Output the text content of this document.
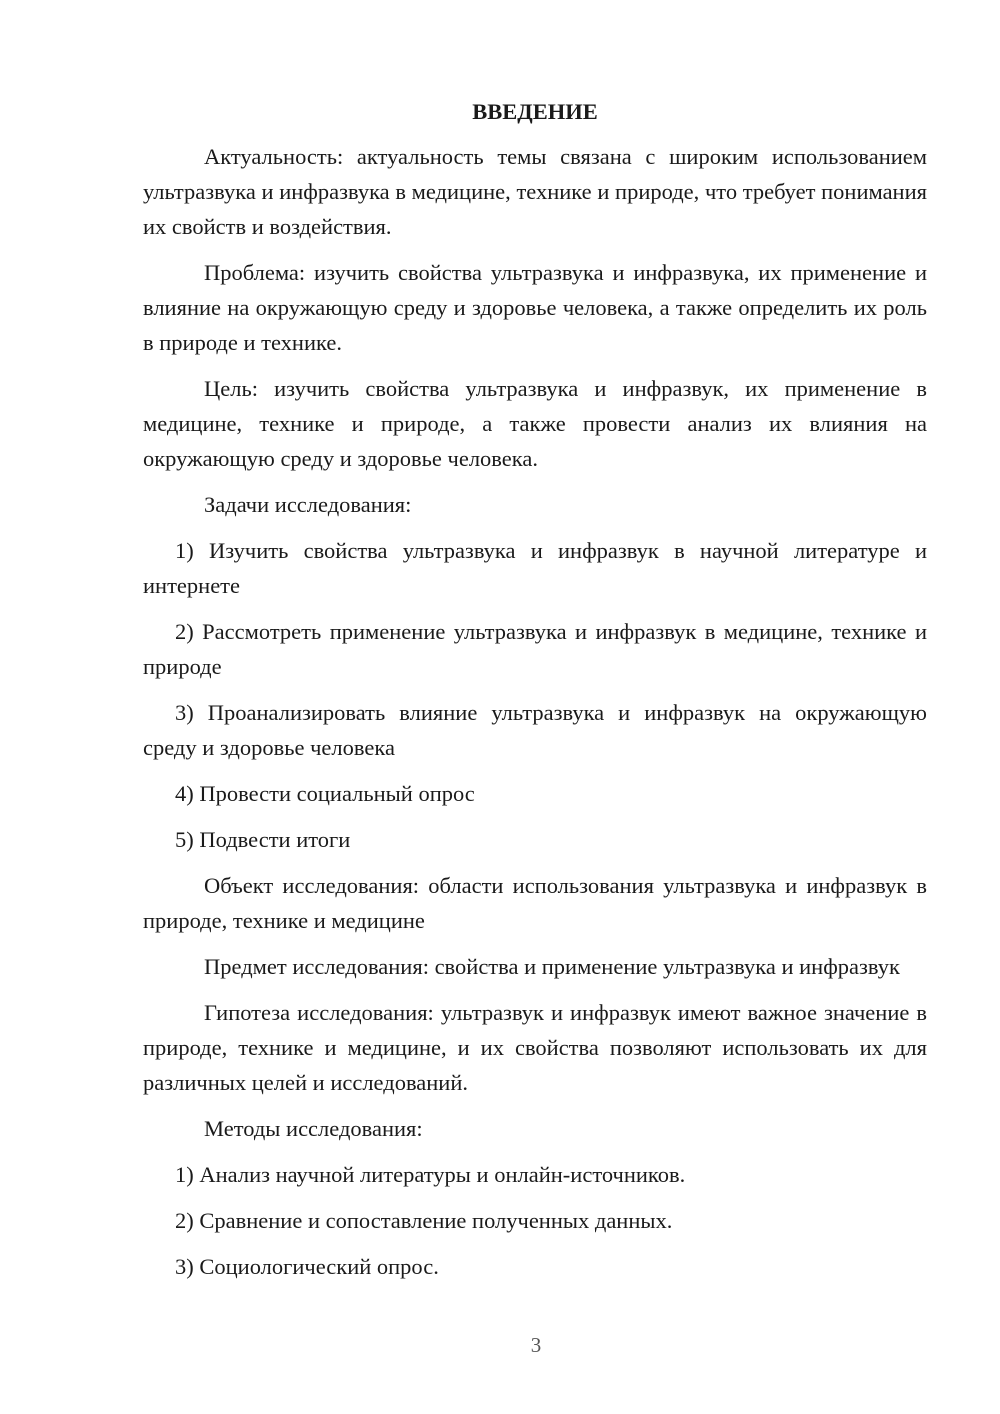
ВВЕДЕНИЕ

Актуальность: актуальность темы связана с широким использованием ультразвука и инфразвука в медицине, технике и природе, что требует понимания их свойств и воздействия.

Проблема: изучить свойства ультразвука и инфразвука, их применение и влияние на окружающую среду и здоровье человека, а также определить их роль в природе и технике.

Цель: изучить свойства ультразвука и инфразвук, их применение в медицине, технике и природе, а также провести анализ их влияния на окружающую среду и здоровье человека.

Задачи исследования:

1) Изучить свойства ультразвука и инфразвук в научной литературе и интернете

2) Рассмотреть применение ультразвука и инфразвук в медицине, технике и природе

3) Проанализировать влияние ультразвука и инфразвук на окружающую среду и здоровье человека

4) Провести социальный опрос

5) Подвести итоги

Объект исследования: области использования ультразвука и инфразвук в природе, технике и медицине

Предмет исследования: свойства и применение ультразвука и инфразвук

Гипотеза исследования: ультразвук и инфразвук имеют важное значение в природе, технике и медицине, и их свойства позволяют использовать их для различных целей и исследований.

Методы исследования:

1) Анализ научной литературы и онлайн-источников.

2) Сравнение и сопоставление полученных данных.

3) Социологический опрос.

3
